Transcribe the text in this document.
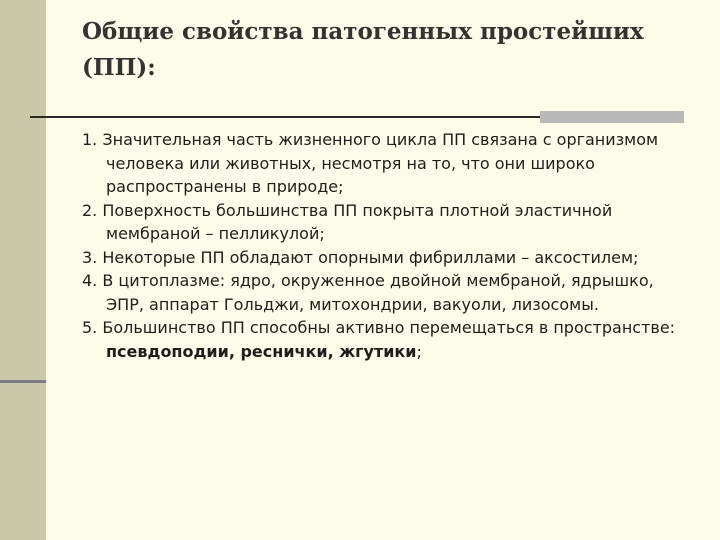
Общие свойства патогенных простейших (ПП):
1. Значительная часть жизненного цикла ПП связана с организмом человека или животных, несмотря на то, что они широко распространены в природе;
2. Поверхность большинства ПП покрыта плотной эластичной мембраной – пелликулой;
3. Некоторые ПП обладают опорными фибриллами – аксостилем;
4. В цитоплазме: ядро, окруженное двойной мембраной, ядрышко, ЭПР, аппарат Гольджи, митохондрии, вакуоли, лизосомы.
5. Большинство ПП способны активно перемещаться в пространстве: псевдоподии, реснички, жгутики;
